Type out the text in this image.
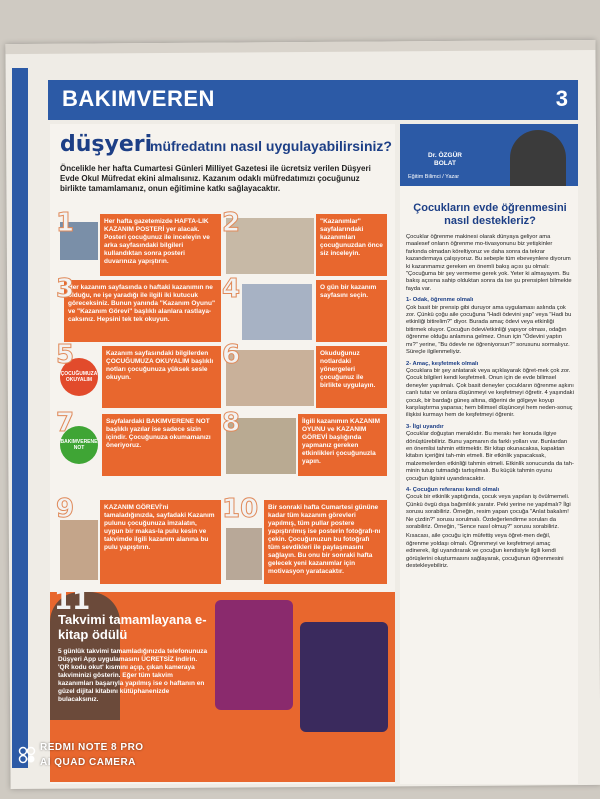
BAKIMVEREN	3
düşyeri
müfredatını nasıl uygulayabilirsiniz?
Öncelikle her hafta Cumartesi Günleri Milliyet Gazetesi ile ücretsiz verilen Düşyeri Evde Okul Müfredat ekini almalısınız. Kazanım odaklı müfredatımızı çocuğunuz birlikte tamamlamanız, onun eğitimine katkı sağlayacaktır.
Her hafta gazetemizde HAFTA-LIK KAZANIM POSTERİ yer alacak. Posteri çocuğunuz ile inceleyin ve arka sayfasındaki bilgileri kullandıktan sonra posteri duvarınıza yapıştırın.
1	"Kazanımlar" sayfalarındaki kazanımları çocuğunuzdan önce siz inceleyin.
2
Her kazanım sayfasında o haftaki kazanımın ne olduğu, ne işe yaradığı ile ilgili iki kutucuk göreceksiniz. Bunun yanında "Kazanım Oyunu" ve "Kazanım Görevi" başlıklı alanlara rastlaya-caksınız. Hepsini tek tek okuyun.
3	O gün bir kazanım sayfasını seçin.
4
ÇOCUĞUMUZA OKUYALIM
Kazanım sayfasındaki bilgilerden ÇOCUĞUMUZA OKUYALIM başlıklı notları çocuğunuza yüksek sesle okuyun.
5	Okuduğunuz notlardaki yönergeleri çocuğunuz ile birlikte uygulayın.
6
BAKIMVERENE NOT
Sayfalardaki BAKIMVERENE NOT başlıklı yazılar ise sadece sizin içindir. Çocuğunuza okumamanızı öneriyoruz.
7	İlgili kazanımın KAZANIM OYUNU ve KAZANIM GÖREVİ başlığında yapmanız gereken etkinlikleri çocuğunuzla yapın.
8
KAZANIM GÖREVİ'ni tamaladığınızda, sayfadaki Kazanım pulunu çocuğunuza imzalatın, uygun bir makas-la pulu kesin ve takvimde ilgili kazanım alanına bu pulu yapıştırın.
9	Bir sonraki hafta Cumartesi gününe kadar tüm kazanım görevleri yapılmış, tüm pullar postere yapıştırılmış ise posterin fotoğrafı-nı çekin. Çocuğunuzun bu fotoğrafı tüm sevdikleri ile paylaşmasını sağlayın. Bu onu bir sonraki hafta gelecek yeni kazanımlar için motivasyon yaratacaktır.
10
11
Takvimi tamamlayana e-kitap ödülü

5 günlük takvimi tamamladığınızda telefonunuza Düşyeri App uygulamasını ÜCRETSİZ indirin. 'QR kodu okut' kısmını açıp, çıkan kameraya takviminizi gösterin. Eğer tüm takvim kazanımları başarıyla yapılmış ise o haftanın en güzel dijital kitabını kütüphanenizde bulacaksınız.

Dr. ÖZGÜR BOLAT
Eğitim Bilimci / Yazar
Çocukların evde öğrenmesini nasıl destekleriz?

Çocuklar öğrenme makinesi olarak dünyaya geliyor ama maalesef onların öğrenme mo-tivasyonunu biz yetişkinler farkında olmadan köreltiyoruz ve daha sonra da tekrar kazandırmaya çalışıyoruz. Bu sebeple tüm ebeveynlere diyorum ki kazanmamız gereken en önemli bakış açısı şu olmalı: "Çocuğuma bir şey vermeme gerek yok. Yeter ki almayayım. Bu bakış açısına sahip olduktan sonra da ise şu prensipleri bilmekte fayda var.

1- Odak, öğrenme olmalı

Çok basit bir prensip gibi duruyor ama uygulaması aslında çok zor. Çünkü çoğu aile çocuğuna "Hadi ödevini yap" veya "Hadi bu etkinliği bitirelim?" diyor. Burada amaç ödevi veya etkinliği bitirmek oluyor. Çocuğun ödevi/etkinliği yapıyor olması, odağın öğrenme olduğu anlamına gelmez. Onun için "Ödevini yaptın mı?" yerine, "Bu ödevle ne öğreniyorsun?" sorusunu sormalıyız. Süreçle ilgilenmeliyiz.

2- Amaç, keşfetmek olmalı

Çocuklara bir şey anlatarak veya açıklayarak öğret-mek çok zor. Çocuk bilgileri kendi keşfetmeli. Onun için de evde bilimsel deneyler yapılmalı. Çok basit deneyler çocukların öğrenme aşkını canlı tutar ve onlara düşünmeyi ve keşfetmeyi öğretir. 4 yaşındaki çocuk, bir bardağı güneş altına, diğerini de gölgeye koyup karşılaştırma yaparsa; hem bilimsel düşünceyi hem neden-sonuç ilişkisi kurmayı hem de keşfetmeyi öğrenir.

3- İlgi uyandır

Çocuklar doğuştan meraklıdır. Bu merakı her konuda ilgiye dönüştürebiliriz. Bunu yapmanın da farklı yolları var. Bunlardan en önemlisi tahmin ettirmektir. Bir kitap okunacaksa, kapaktan kitabın içeriğini tah-min etmeli. Bir etkinlik yapacaksak, malzemelerden etkinliği tahmin etmeli. Etkinlik sonucunda da tah-minin tutup tutmadığı tartışılmalı. Bu küçük tahmin oyunu çocuğun ilgisini uyandıracaktır.

4- Çocuğun referansı kendi olmalı

Çocuk bir etkinlik yaptığında, çocuk veya yapılan iş övülmemeli. Çünkü övgü dışa bağımlılık yaratır. Peki yerine ne yapılmalı? İlgi sorusu sorabiliriz. Örneğin, resim yapan çocuğa "Anlat bakalım! Ne çizdin?" sorusu sorulmalı. Özdeğerlendirme soruları da sorabiliriz. Örneğin, "Sence nasıl olmuş?" sorusu sorabiliriz.

Kısacası, aile çocuğu için müfettiş veya öğret-men değil, öğrenme yoldaşı olmalı. Öğrenmeyi ve keşfetmeyi amaç edinerek, ilgi uyandırarak ve çocuğun kendisiyle ilgili kendi görüşlerini oluşturmasını sağlayarak, çocuğunun öğrenmesini destekleyebiliriz.

REDMI NOTE 8 PRO
AI QUAD CAMERA
